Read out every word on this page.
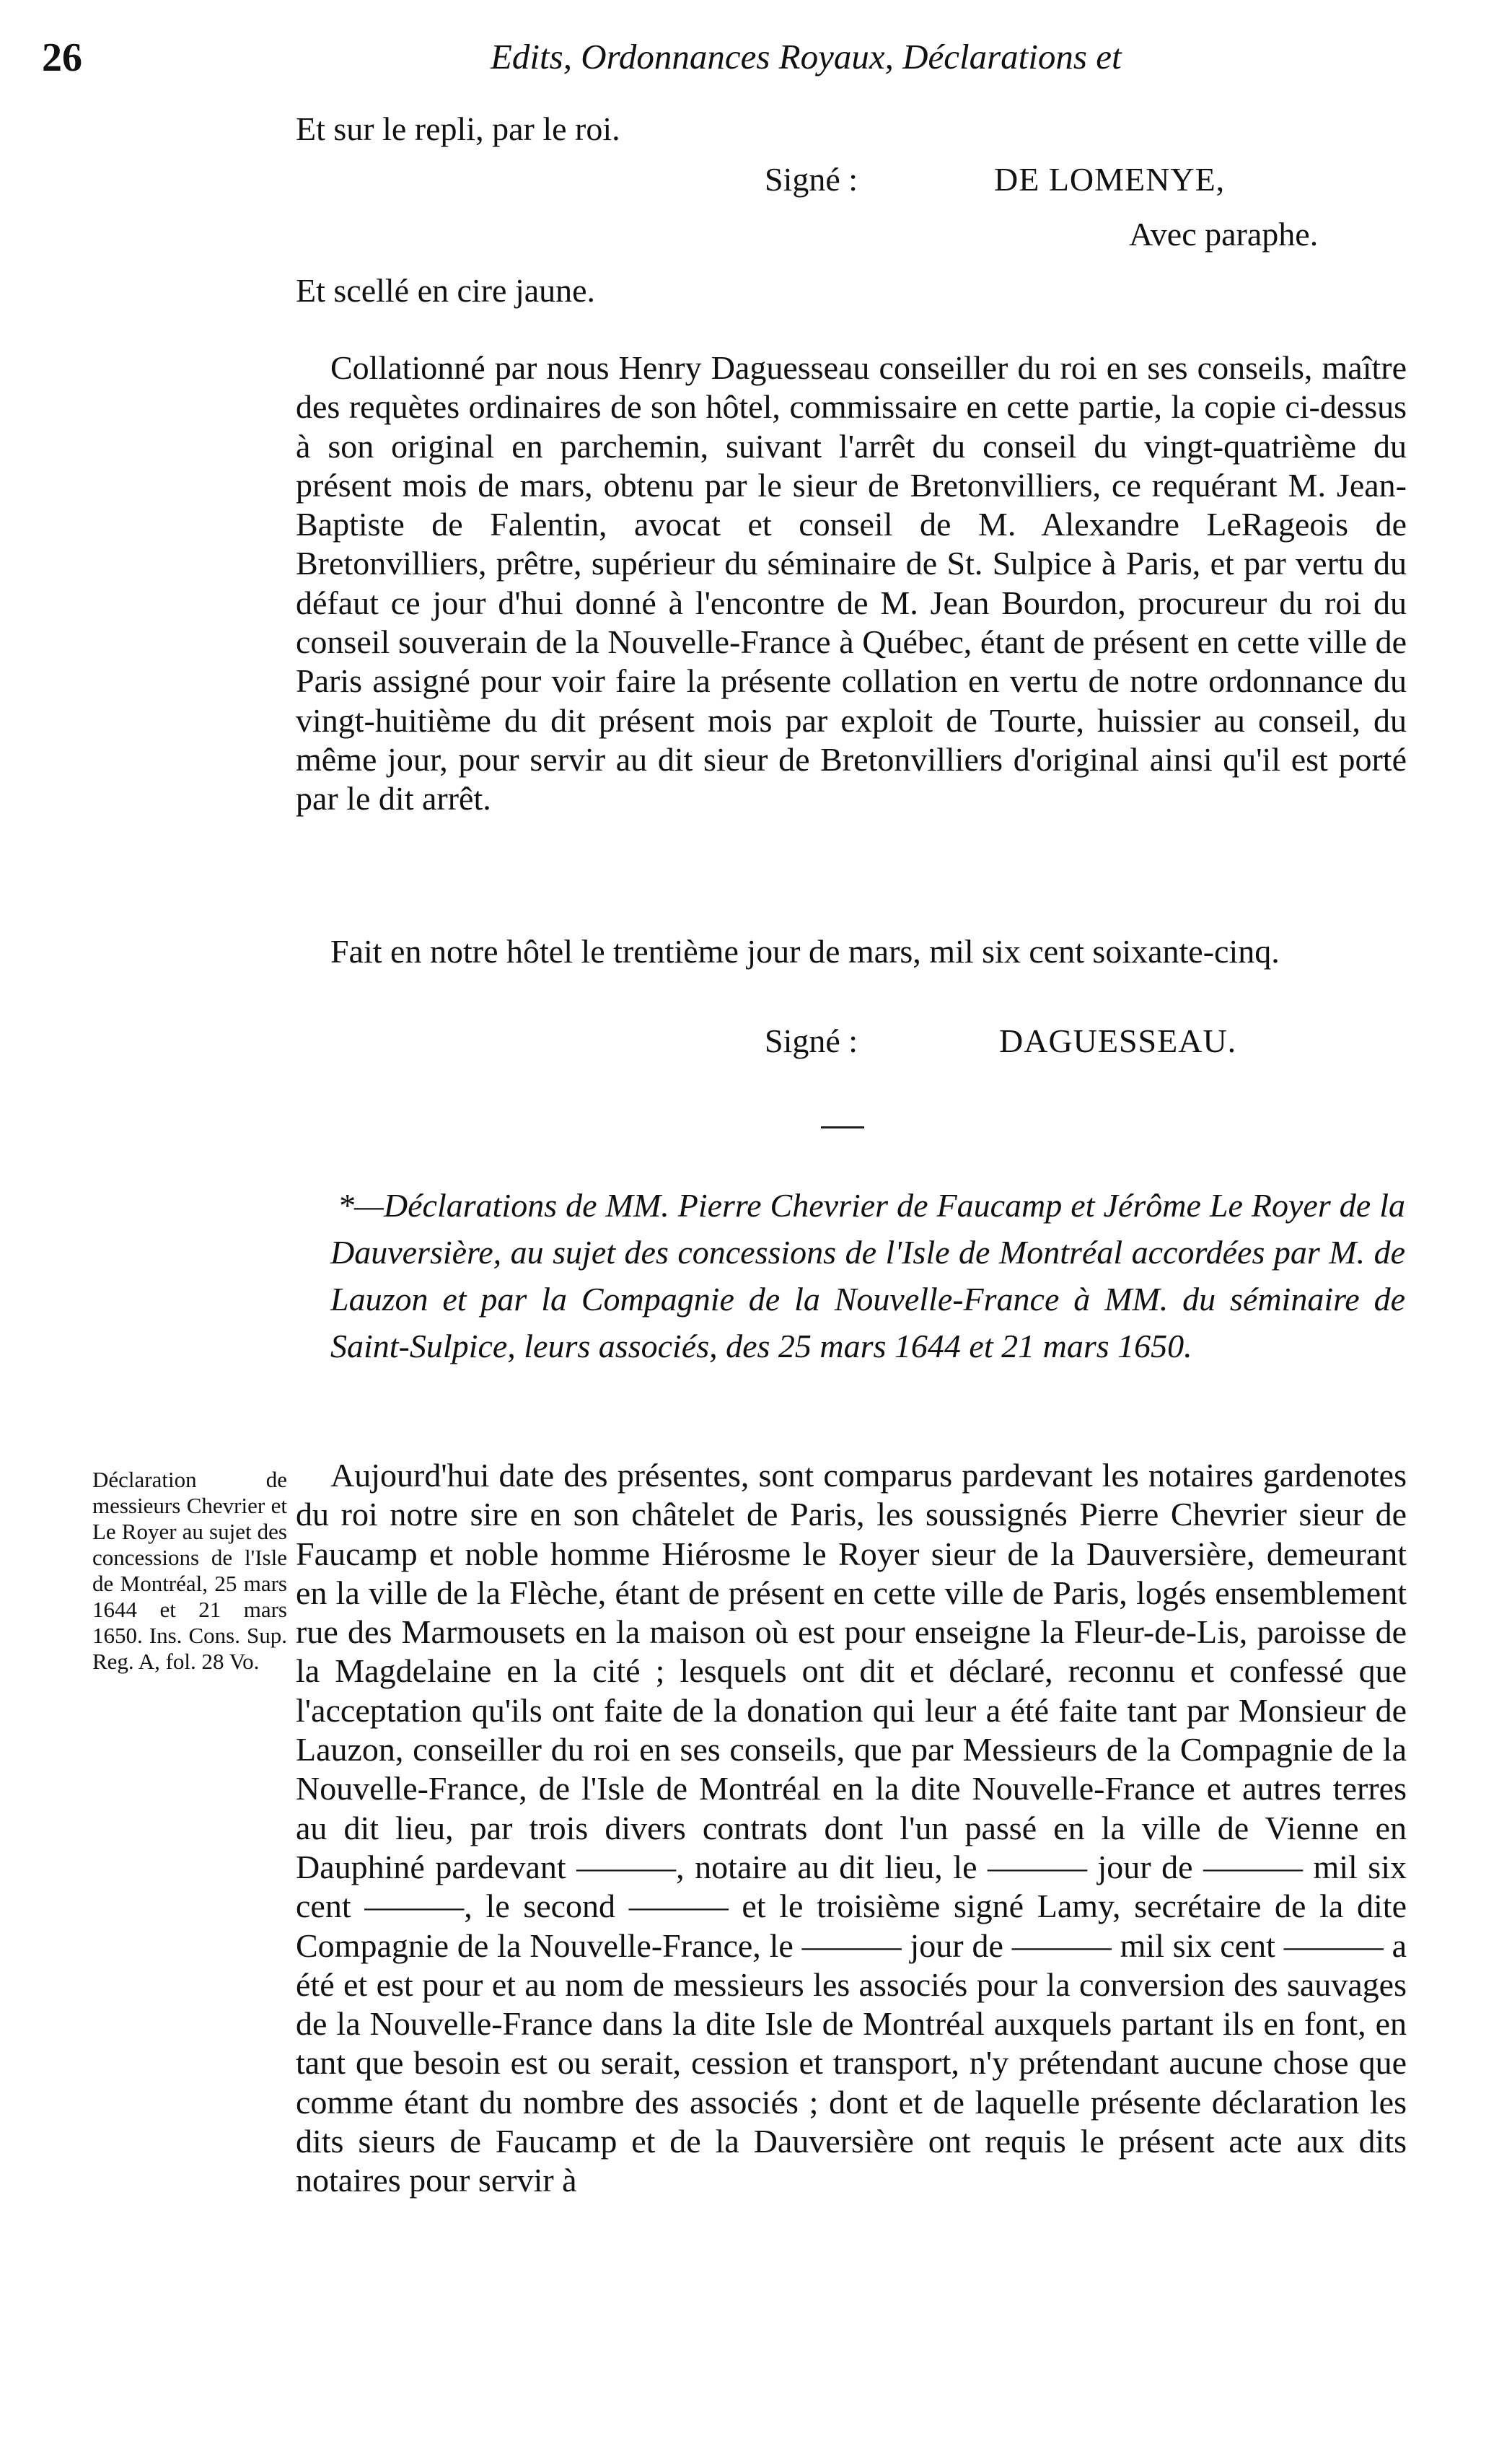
26	Edits, Ordonnances Royaux, Déclarations et
Et sur le repli, par le roi.
Signé :	DE LOMENYE,
Avec paraphe.
Et scellé en cire jaune.

Collationné par nous Henry Daguesseau conseiller du roi en ses conseils, maître des requètes ordinaires de son hôtel, commissaire en cette partie, la copie ci-dessus à son original en parchemin, suivant l'arrêt du conseil du vingt-quatrième du présent mois de mars, obtenu par le sieur de Bretonvilliers, ce requérant M. Jean-Baptiste de Falentin, avocat et conseil de M. Alexandre LeRageois de Bretonvilliers, prêtre, supérieur du séminaire de St. Sulpice à Paris, et par vertu du défaut ce jour d'hui donné à l'encontre de M. Jean Bourdon, procureur du roi du conseil souverain de la Nouvelle-France à Québec, étant de présent en cette ville de Paris assigné pour voir faire la présente collation en vertu de notre ordonnance du vingt-huitième du dit présent mois par exploit de Tourte, huissier au conseil, du même jour, pour servir au dit sieur de Bretonvilliers d'original ainsi qu'il est porté par le dit arrêt.

Fait en notre hôtel le trentième jour de mars, mil six cent soixante-cinq.

Signé :	DAGUESSEAU.

*—Déclarations de MM. Pierre Chevrier de Faucamp et Jérôme Le Royer de la Dauversière, au sujet des concessions de l'Isle de Montréal accordées par M. de Lauzon et par la Compagnie de la Nouvelle-France à MM. du séminaire de Saint-Sulpice, leurs associés, des 25 mars 1644 et 21 mars 1650.

Déclaration de messieurs Chevrier et Le Royer au sujet des concessions de l'Isle de Montréal, 25 mars 1644 et 21 mars 1650. Ins. Cons. Sup. Reg. A, fol. 28 Vo.

Aujourd'hui date des présentes, sont comparus pardevant les notaires gardenotes du roi notre sire en son châtelet de Paris, les soussignés Pierre Chevrier sieur de Faucamp et noble homme Hiérosme le Royer sieur de la Dauversière, demeurant en la ville de la Flèche, étant de présent en cette ville de Paris, logés ensemblement rue des Marmousets en la maison où est pour enseigne la Fleur-de-Lis, paroisse de la Magdelaine en la cité ; lesquels ont dit et déclaré, reconnu et confessé que l'acceptation qu'ils ont faite de la donation qui leur a été faite tant par Monsieur de Lauzon, conseiller du roi en ses conseils, que par Messieurs de la Compagnie de la Nouvelle-France, de l'Isle de Montréal en la dite Nouvelle-France et autres terres au dit lieu, par trois divers contrats dont l'un passé en la ville de Vienne en Dauphiné pardevant ———, notaire au dit lieu, le ——— jour de ——— mil six cent ———, le second ——— et le troisième signé Lamy, secrétaire de la dite Compagnie de la Nouvelle-France, le ——— jour de ——— mil six cent ——— a été et est pour et au nom de messieurs les associés pour la conversion des sauvages de la Nouvelle-France dans la dite Isle de Montréal auxquels partant ils en font, en tant que besoin est ou serait, cession et transport, n'y prétendant aucune chose que comme étant du nombre des associés ; dont et de laquelle présente déclaration les dits sieurs de Faucamp et de la Dauversière ont requis le présent acte aux dits notaires pour servir à
